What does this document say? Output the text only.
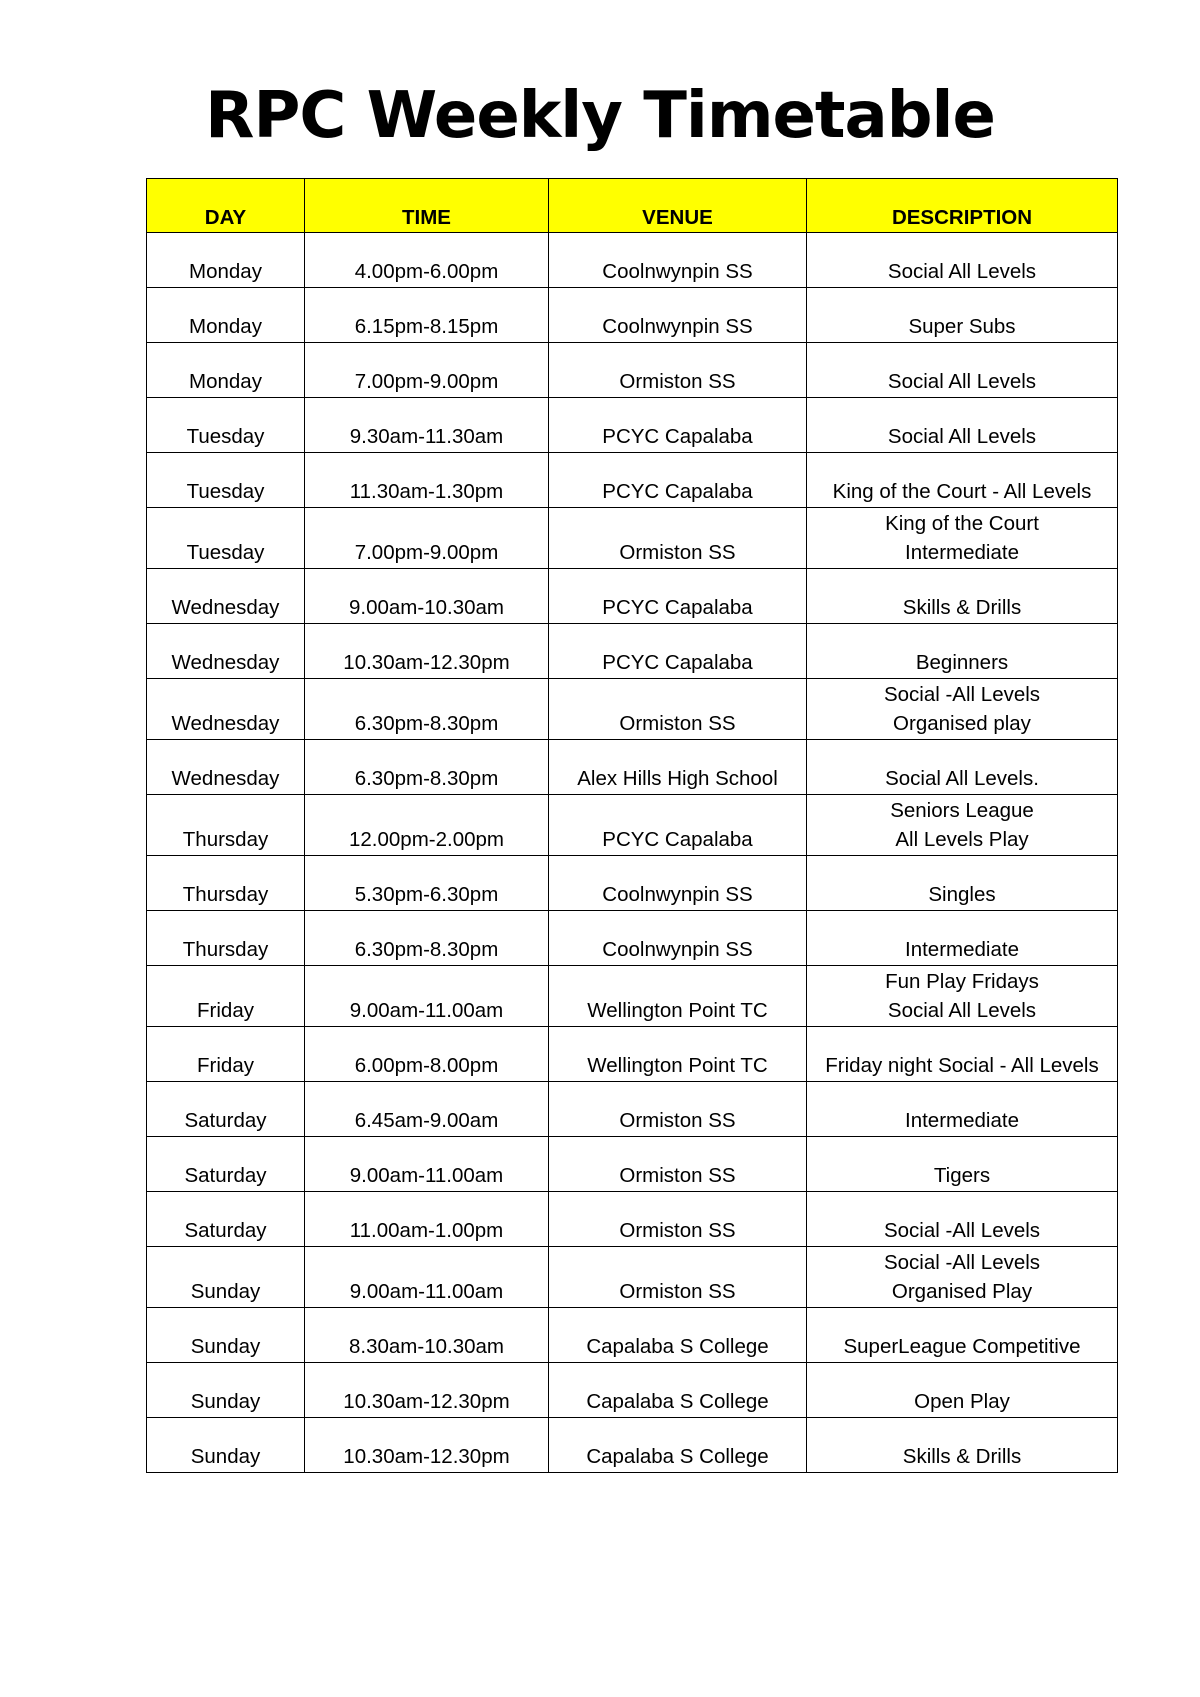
RPC Weekly Timetable
DAY	TIME	VENUE	DESCRIPTION
Monday	4.00pm-6.00pm	Coolnwynpin SS	Social All Levels

Monday	6.15pm-8.15pm	Coolnwynpin SS	Super Subs

Monday	7.00pm-9.00pm	Ormiston SS	Social All Levels

Tuesday	9.30am-11.30am	PCYC Capalaba	Social All Levels

Tuesday	11.30am-1.30pm	PCYC Capalaba	King of the Court - All Levels

Tuesday	7.00pm-9.00pm	Ormiston SS	King of the Court
Intermediate

Wednesday	9.00am-10.30am	PCYC Capalaba	Skills & Drills

Wednesday	10.30am-12.30pm	PCYC Capalaba	Beginners

Wednesday	6.30pm-8.30pm	Ormiston SS	Social -All Levels
Organised play

Wednesday	6.30pm-8.30pm	Alex Hills High School	Social All Levels.

Thursday	12.00pm-2.00pm	PCYC Capalaba	Seniors League
All Levels Play

Thursday	5.30pm-6.30pm	Coolnwynpin SS	Singles

Thursday	6.30pm-8.30pm	Coolnwynpin SS	Intermediate

Friday	9.00am-11.00am	Wellington Point TC	Fun Play Fridays
Social All Levels

Friday	6.00pm-8.00pm	Wellington Point TC	Friday night Social - All Levels

Saturday	6.45am-9.00am	Ormiston SS	Intermediate

Saturday	9.00am-11.00am	Ormiston SS	Tigers

Saturday	11.00am-1.00pm	Ormiston SS	Social -All Levels

Sunday	9.00am-11.00am	Ormiston SS	Social -All Levels
Organised Play

Sunday	8.30am-10.30am	Capalaba S College	SuperLeague Competitive

Sunday	10.30am-12.30pm	Capalaba S College	Open Play

Sunday	10.30am-12.30pm	Capalaba S College	Skills & Drills
